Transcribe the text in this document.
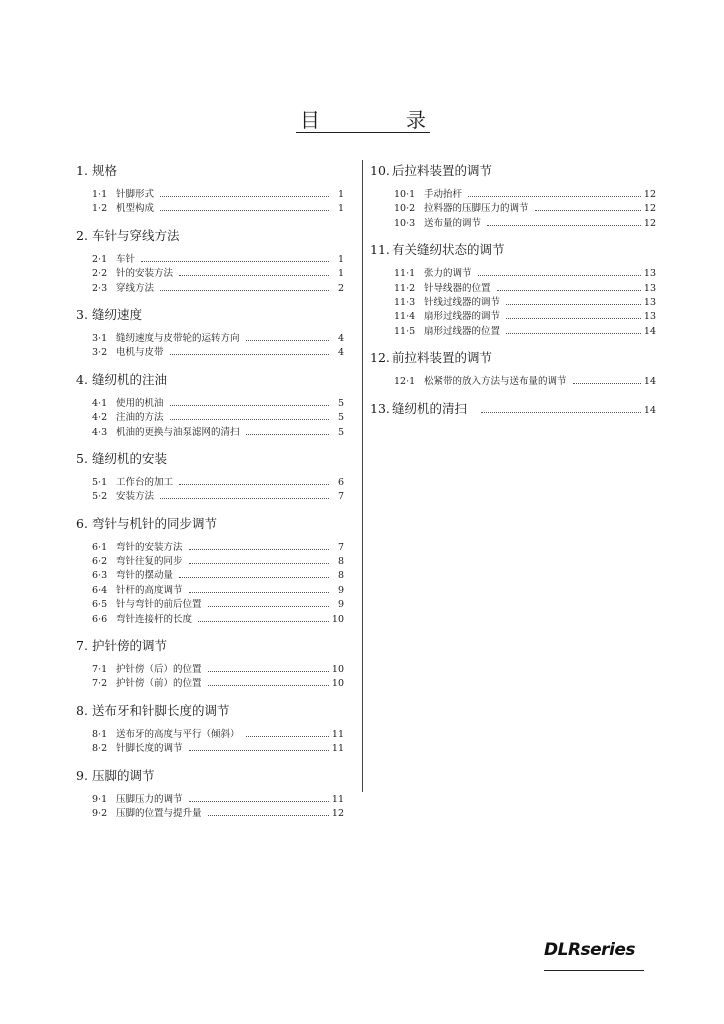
目	录
1. 规格
1·1 针脚形式	1
1·2 机型构成	1
2. 车针与穿线方法
2·1 车针	1
2·2 针的安装方法	1
2·3 穿线方法	2
3. 缝纫速度
3·1 缝纫速度与皮带轮的运转方向	4
3·2 电机与皮带	4
4. 缝纫机的注油
4·1 使用的机油	5
4·2 注油的方法	5
4·3 机油的更换与油泵滤网的清扫	5
5. 缝纫机的安装
5·1 工作台的加工	6
5·2 安装方法	7
6. 弯针与机针的同步调节
6·1 弯针的安装方法	7
6·2 弯针往复的同步	8
6·3 弯针的摆动量	8
6·4 针杆的高度调节	9
6·5 针与弯针的前后位置	9
6·6 弯针连接杆的长度	10
7. 护针傍的调节
7·1 护针傍（后）的位置	10
7·2 护针傍（前）的位置	10
8. 送布牙和针脚长度的调节
8·1 送布牙的高度与平行（倾斜）	11
8·2 针脚长度的调节	11
9. 压脚的调节
9·1 压脚压力的调节	11
9·2 压脚的位置与提升量	12
10. 后拉料装置的调节
10·1 手动抬杆	12
10·2 拉料器的压脚压力的调节	12
10·3 送布量的调节	12
11. 有关缝纫状态的调节
11·1 张力的调节	13
11·2 针导线器的位置	13
11·3 针线过线器的调节	13
11·4 扇形过线器的调节	13
11·5 扇形过线器的位置	14
12. 前拉料装置的调节
12·1 松紧带的放入方法与送布量的调节	14
13. 缝纫机的清扫	14
DLRseries
